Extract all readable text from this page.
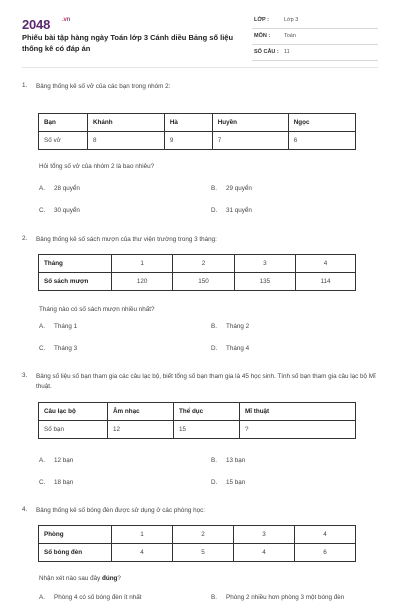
2048 .vn
Phiếu bài tập hàng ngày Toán lớp 3 Cánh diều Bảng số liệu thống kê có đáp án
LỚP :	Lớp 3
MÔN :	Toán
SỐ CÂU : 11
1. Bảng thống kê số vở của các bạn trong nhóm 2:
Bạn	Khánh	Hà	Huyền	Ngọc
Số vở	8	9	7	6
Hỏi tổng số vở của nhóm 2 là bao nhiêu?
A. 28 quyển	B. 29 quyển
C. 30 quyển	D. 31 quyển
2. Bảng thống kê số sách mượn của thư viện trường trong 3 tháng:
Tháng	1	2	3	4
Số sách mượn	120	150	135	114
Tháng nào có số sách mượn nhiều nhất?
A. Tháng 1	B. Tháng 2
C. Tháng 3	D. Tháng 4
3. Bảng số liệu số bạn tham gia các câu lạc bộ, biết tổng số bạn tham gia là 45 học sinh. Tính số bạn tham gia câu lạc bộ Mĩ thuật.
Câu lạc bộ	Âm nhạc	Thể dục	Mĩ thuật
Số bạn	12	15	?
A. 12 bạn	B. 13 bạn
C. 18 bạn	D. 15 bạn
4. Bảng thống kê số bóng đèn được sử dụng ở các phòng học:
Phòng	1	2	3	4
Số bóng đèn	4	5	4	6
Nhận xét nào sau đây đúng?
A. Phòng 4 có số bóng đèn ít nhất	B. Phòng 2 nhiều hơn phòng 3 một bóng đèn
